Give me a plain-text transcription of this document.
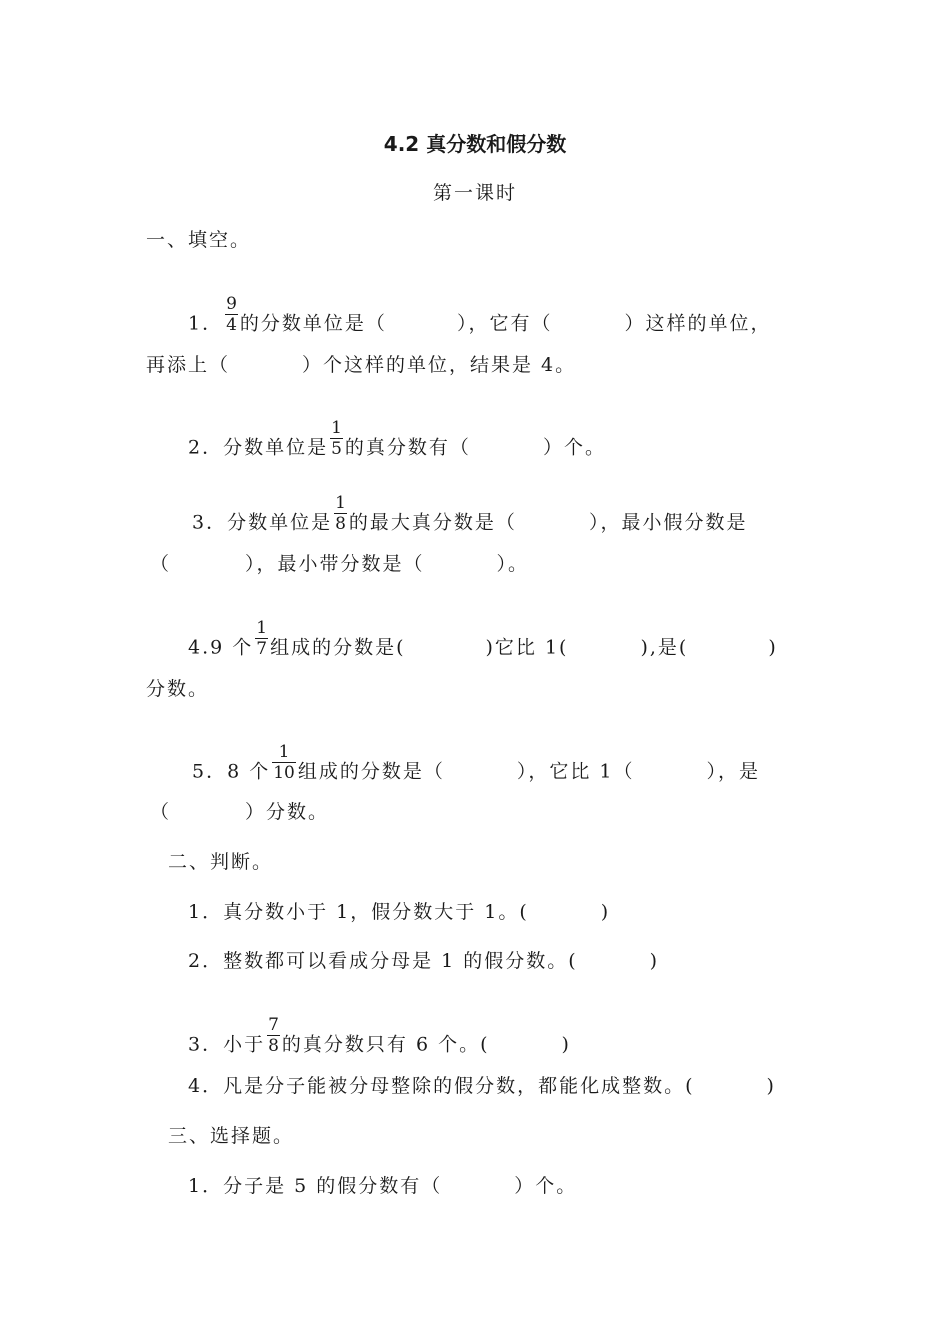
4.2 真分数和假分数
第一课时
一、填空。
1． $\frac{9}{4}$ 的分数单位是（	），它有（	）这样的单位，
再添上（	）个这样的单位，结果是 4。
2．分数单位是 $\frac{1}{5}$ 的真分数有（	）个。
3．分数单位是 $\frac{1}{8}$ 的最大真分数是（	），最小假分数是
（	），最小带分数是（	）。
4.9 个 $\frac{1}{7}$ 组成的分数是(	)它比 1(	),是(	)
分数。
5．8 个 $\frac{1}{10}$ 组成的分数是（	），它比 1（	），是
（	）分数。
二、判断。
1．真分数小于 1，假分数大于 1。(	)
2．整数都可以看成分母是 1 的假分数。(	)
3．小于 $\frac{7}{8}$ 的真分数只有 6 个。(	)
4．凡是分子能被分母整除的假分数，都能化成整数。(	)
三、选择题。
1．分子是 5 的假分数有（	）个。
